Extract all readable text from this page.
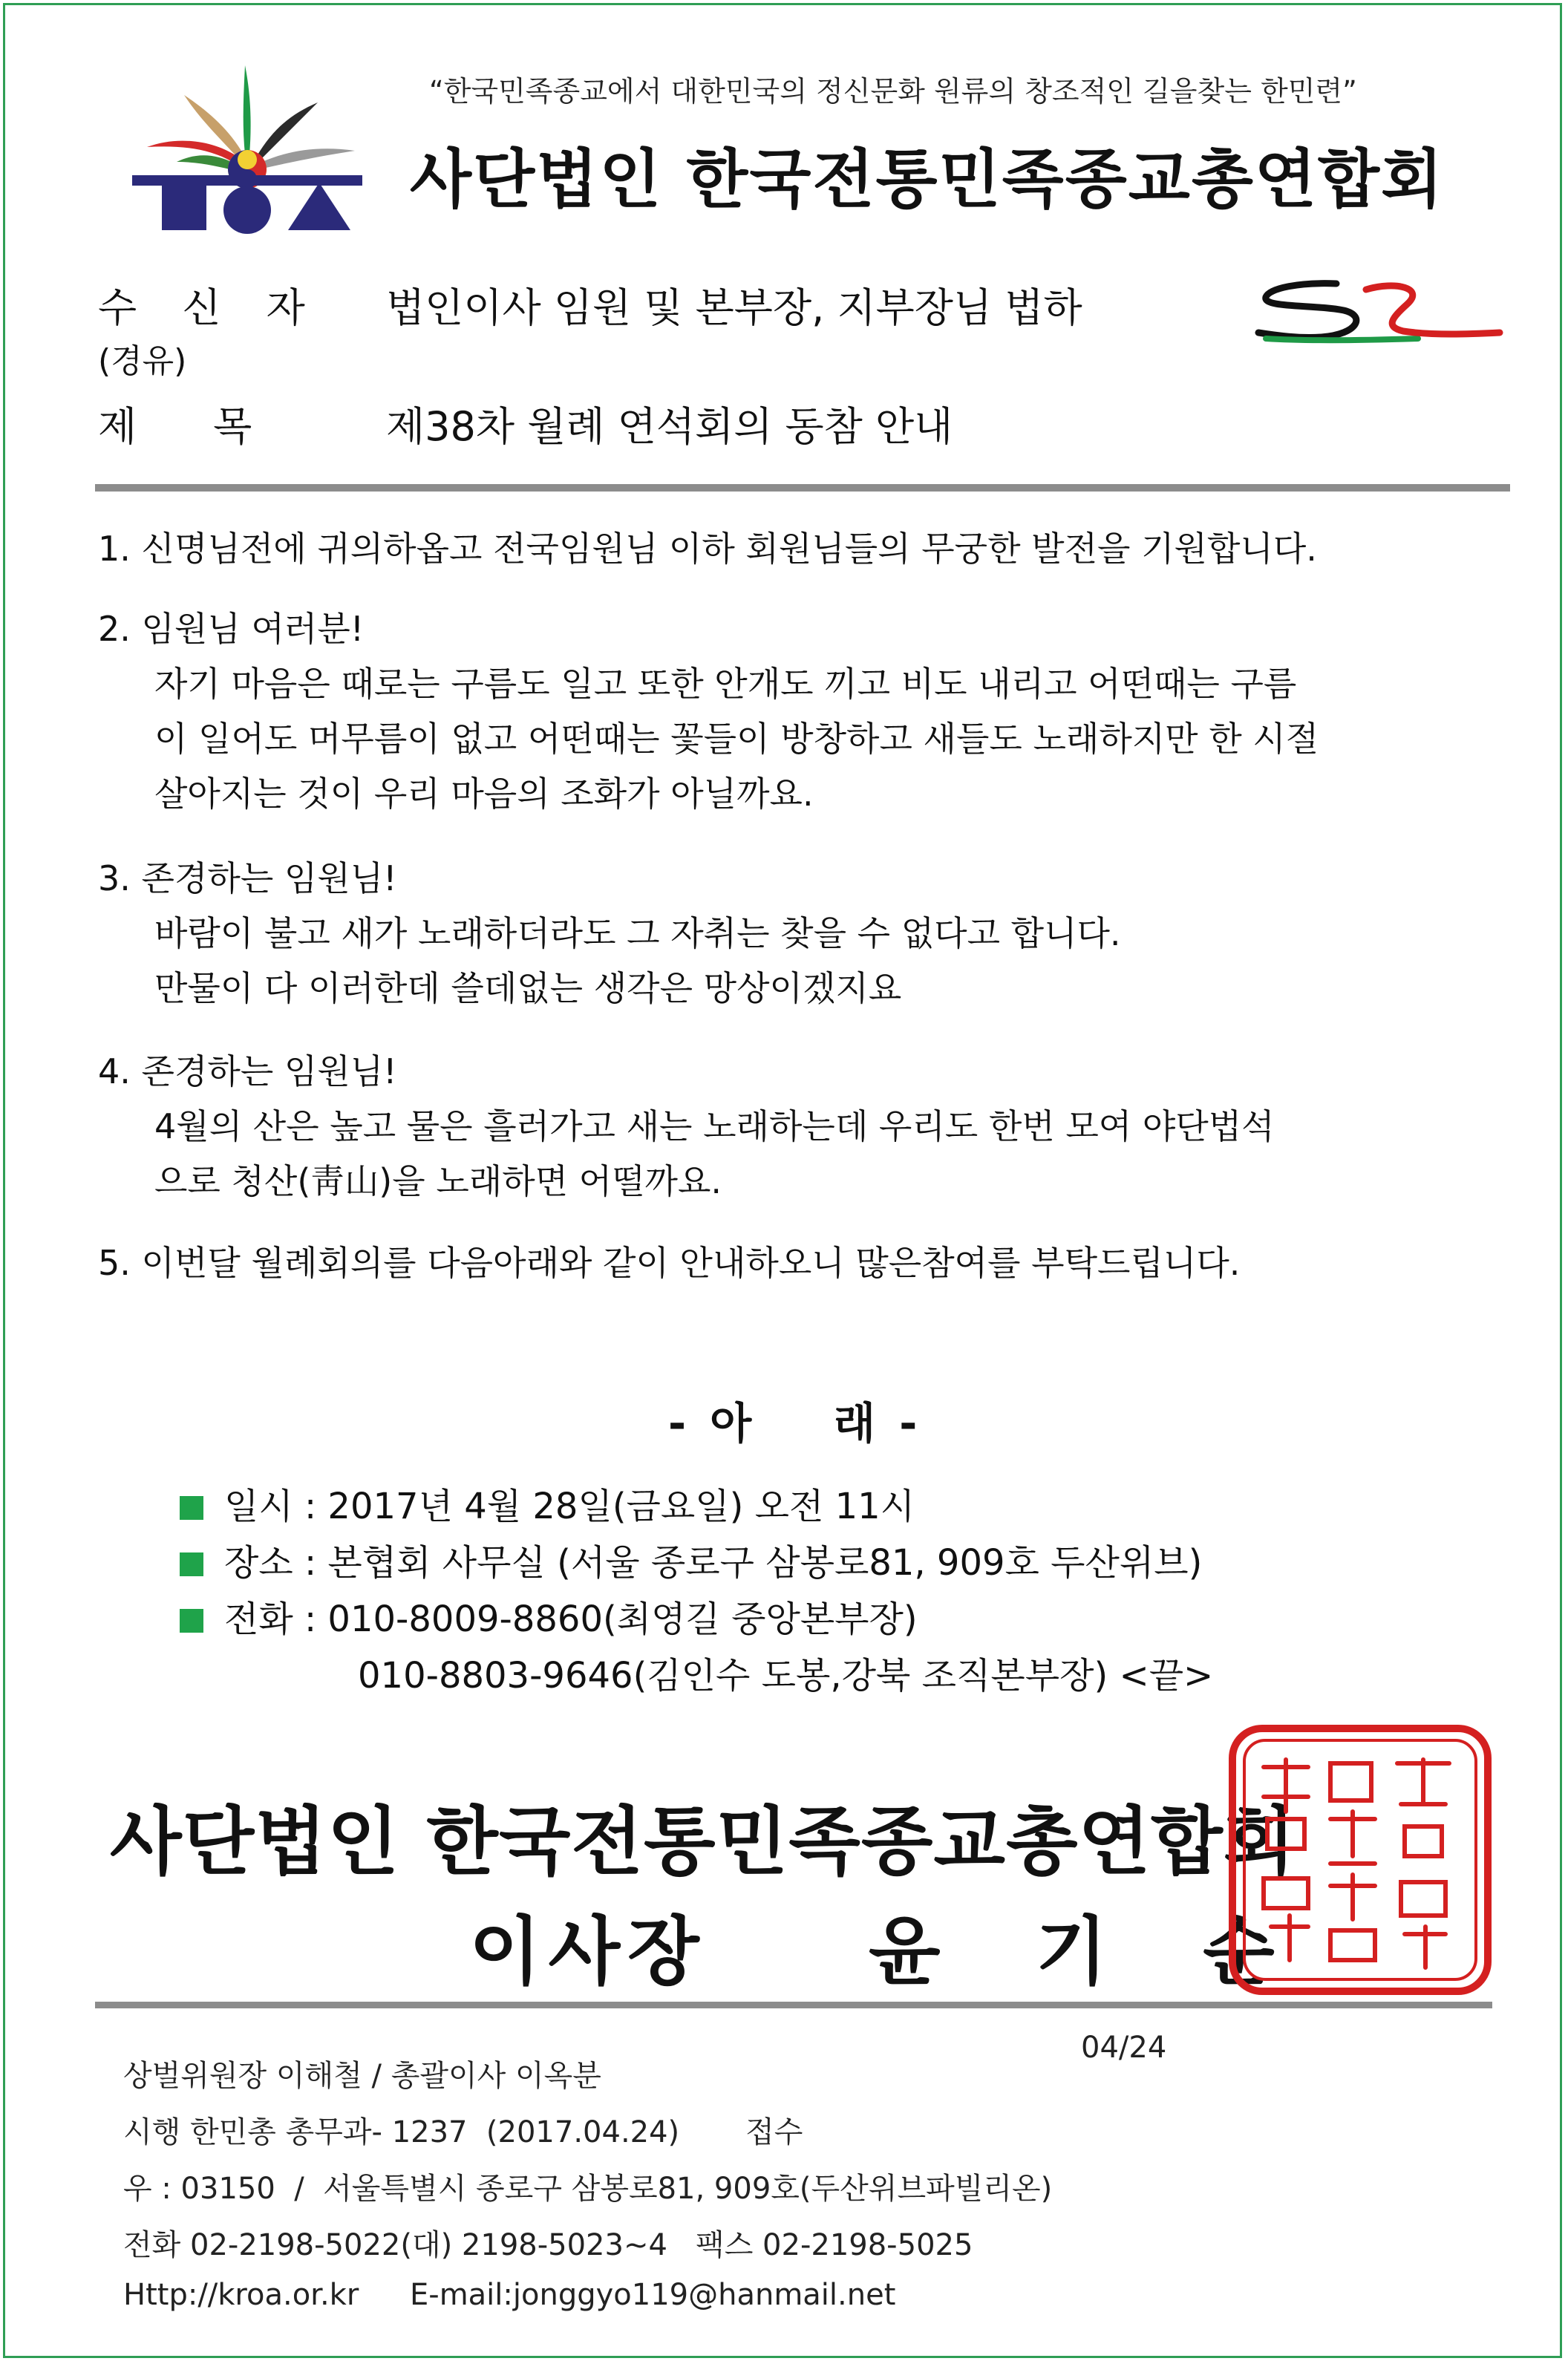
“한국민족종교에서 대한민국의 정신문화 원류의 창조적인 길을찾는 한민련”
사단법인 한국전통민족종교총연합회
수 신 자 법인이사 임원 및 본부장, 지부장님 법하
(경유)
제      목	제38차 월례 연석회의 동참 안내
1. 신명님전에 귀의하옵고 전국임원님 이하 회원님들의 무궁한 발전을 기원합니다.
2. 임원님 여러분!
자기 마음은 때로는 구름도 일고 또한 안개도 끼고 비도 내리고 어떤때는 구름
이 일어도 머무름이 없고 어떤때는 꽃들이 방창하고 새들도 노래하지만 한 시절
살아지는 것이 우리 마음의 조화가 아닐까요.
3. 존경하는 임원님!
바람이 불고 새가 노래하더라도 그 자취는 찾을 수 없다고 합니다.
만물이 다 이러한데 쓸데없는 생각은 망상이겠지요
4. 존경하는 임원님!
4월의 산은 높고 물은 흘러가고 새는 노래하는데 우리도 한번 모여 야단법석
으로 청산(靑山)을 노래하면 어떨까요.
5. 이번달 월례회의를 다음아래와 같이 안내하오니 많은참여를 부탁드립니다.
- 아    래 -
일시 : 2017년 4월 28일(금요일) 오전 11시
장소 : 본협회 사무실 (서울 종로구 삼봉로81, 909호 두산위브)
전화 : 010-8009-8860(최영길 중앙본부장)
010-8803-9646(김인수 도봉,강북 조직본부장) <끝>
사단법인 한국전통민족종교총연합회
이사장 윤   기   순
04/24
상벌위원장 이해철 / 총괄이사 이옥분
시행 한민총 총무과- 1237  (2017.04.24)       접수
우 : 03150  /  서울특별시 종로구 삼봉로81, 909호(두산위브파빌리온)
전화 02-2198-5022(대) 2198-5023~4   팩스 02-2198-5025
Http://kroa.or.kr E-mail:jonggyo119@hanmail.net
